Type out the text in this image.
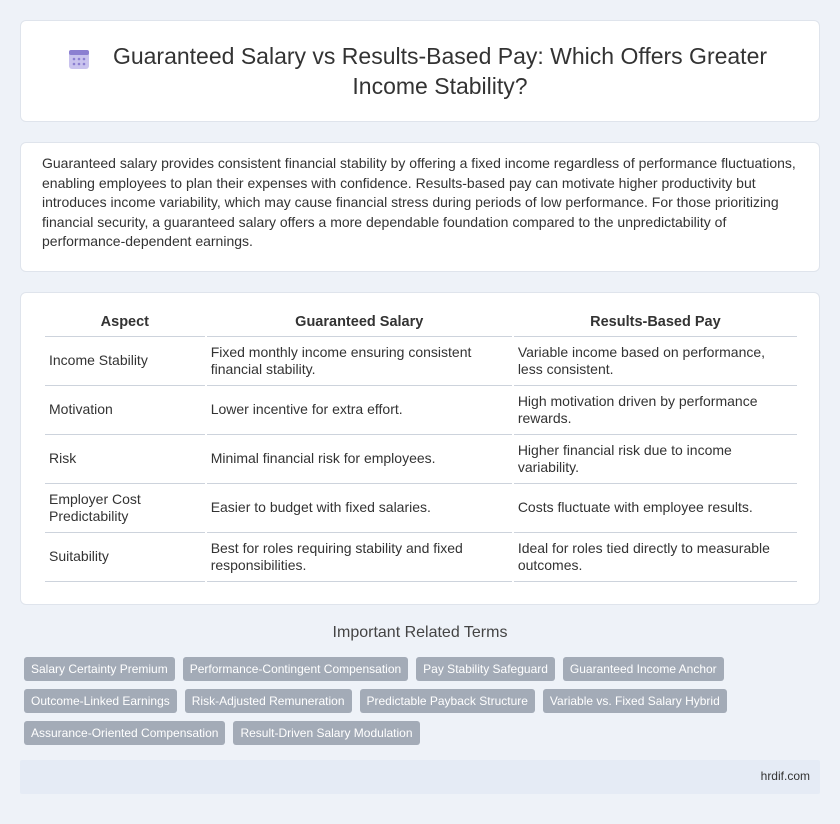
Guaranteed Salary vs Results-Based Pay: Which Offers Greater Income Stability?

Guaranteed salary provides consistent financial stability by offering a fixed income regardless of performance fluctuations, enabling employees to plan their expenses with confidence. Results-based pay can motivate higher productivity but introduces income variability, which may cause financial stress during periods of low performance. For those prioritizing financial security, a guaranteed salary offers a more dependable foundation compared to the unpredictability of performance-dependent earnings.

Aspect	Guaranteed Salary	Results-Based Pay
Income Stability	Fixed monthly income ensuring consistent financial stability.	Variable income based on performance, less consistent.
Motivation	Lower incentive for extra effort.	High motivation driven by performance rewards.
Risk	Minimal financial risk for employees.	Higher financial risk due to income variability.
Employer Cost Predictability	Easier to budget with fixed salaries.	Costs fluctuate with employee results.
Suitability	Best for roles requiring stability and fixed responsibilities.	Ideal for roles tied directly to measurable outcomes.
Important Related Terms
Salary Certainty Premium	Performance-Contingent Compensation	Pay Stability Safeguard	Guaranteed Income Anchor
Outcome-Linked Earnings	Risk-Adjusted Remuneration	Predictable Payback Structure	Variable vs. Fixed Salary Hybrid
Assurance-Oriented Compensation	Result-Driven Salary Modulation
hrdif.com
